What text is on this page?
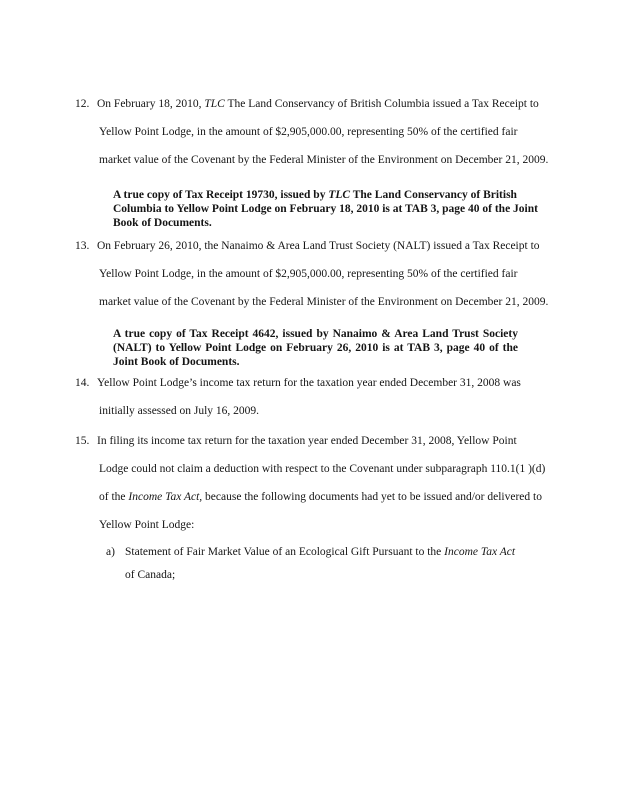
12. On February 18, 2010, TLC The Land Conservancy of British Columbia issued a Tax Receipt to
Yellow Point Lodge, in the amount of $2,905,000.00, representing 50% of the certified fair
market value of the Covenant by the Federal Minister of the Environment on December 21, 2009.
A true copy of Tax Receipt 19730, issued by TLC The Land Conservancy of British
Columbia to Yellow Point Lodge on February 18, 2010 is at TAB 3, page 40 of the Joint
Book of Documents.
13. On February 26, 2010, the Nanaimo & Area Land Trust Society (NALT) issued a Tax Receipt to
Yellow Point Lodge, in the amount of $2,905,000.00, representing 50% of the certified fair
market value of the Covenant by the Federal Minister of the Environment on December 21, 2009.
A true copy of Tax Receipt 4642, issued by Nanaimo & Area Land Trust Society
(NALT) to Yellow Point Lodge on February 26, 2010 is at TAB 3, page 40 of the
Joint Book of Documents.
14. Yellow Point Lodge’s income tax return for the taxation year ended December 31, 2008 was
initially assessed on July 16, 2009.
15. In filing its income tax return for the taxation year ended December 31, 2008, Yellow Point
Lodge could not claim a deduction with respect to the Covenant under subparagraph 110.1(1 )(d)
of the Income Tax Act, because the following documents had yet to be issued and/or delivered to
Yellow Point Lodge:
a) Statement of Fair Market Value of an Ecological Gift Pursuant to the Income Tax Act
of Canada;
